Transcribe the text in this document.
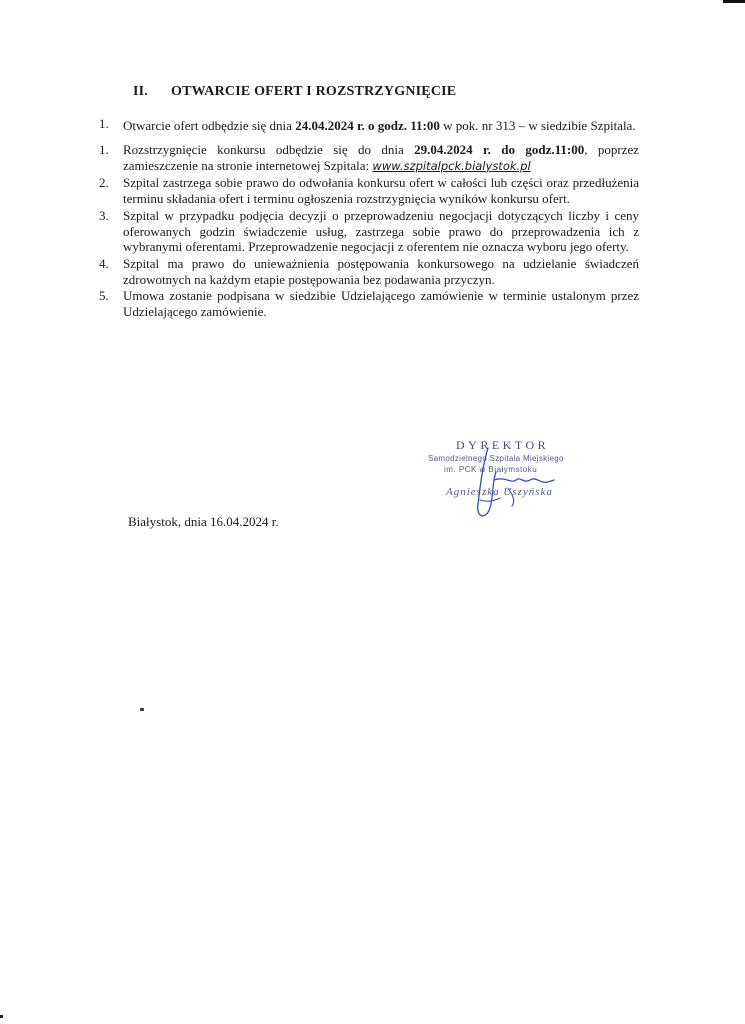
II. OTWARCIE OFERT I ROZSTRZYGNIĘCIE
1.	Otwarcie ofert odbędzie się dnia 24.04.2024 r. o godz. 11:00 w pok. nr 313 – w siedzibie Szpitala.
1.	Rozstrzygnięcie konkursu odbędzie się do dnia 29.04.2024 r. do godz.11:00, poprzez zamieszczenie na stronie internetowej Szpitala: www.szpitalpck.bialystok.pl
2.	Szpital zastrzega sobie prawo do odwołania konkursu ofert w całości lub części oraz przedłużenia terminu składania ofert i terminu ogłoszenia rozstrzygnięcia wyników konkursu ofert.
3.	Szpital w przypadku podjęcia decyzji o przeprowadzeniu negocjacji dotyczących liczby i ceny oferowanych godzin świadczenie usług, zastrzega sobie prawo do przeprowadzenia ich z wybranymi oferentami. Przeprowadzenie negocjacji z oferentem nie oznacza wyboru jego oferty.
4.	Szpital ma prawo do unieważnienia postępowania konkursowego na udzielanie świadczeń zdrowotnych na każdym etapie postępowania bez podawania przyczyn.
5.	Umowa zostanie podpisana w siedzibie Udzielającego zamówienie w terminie ustalonym przez Udzielającego zamówienie.
DYREKTOR
Samodzielnego Szpitala Miejskiego
im. PCK w Białymstoku
Agnieszka Uszyńska
Białystok, dnia 16.04.2024 r.
